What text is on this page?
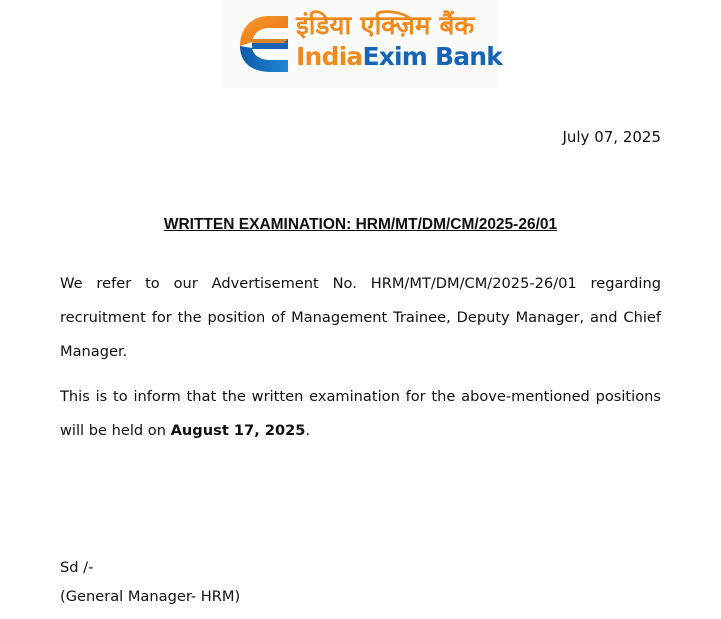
इंडिया एक्ज़िम बैंक
IndiaExim Bank
July 07, 2025
WRITTEN EXAMINATION: HRM/MT/DM/CM/2025-26/01
We refer to our Advertisement No. HRM/MT/DM/CM/2025-26/01 regarding
recruitment for the position of Management Trainee, Deputy Manager, and Chief
Manager.
This is to inform that the written examination for the above-mentioned positions
will be held on August 17, 2025.
Sd /-
(General Manager- HRM)
